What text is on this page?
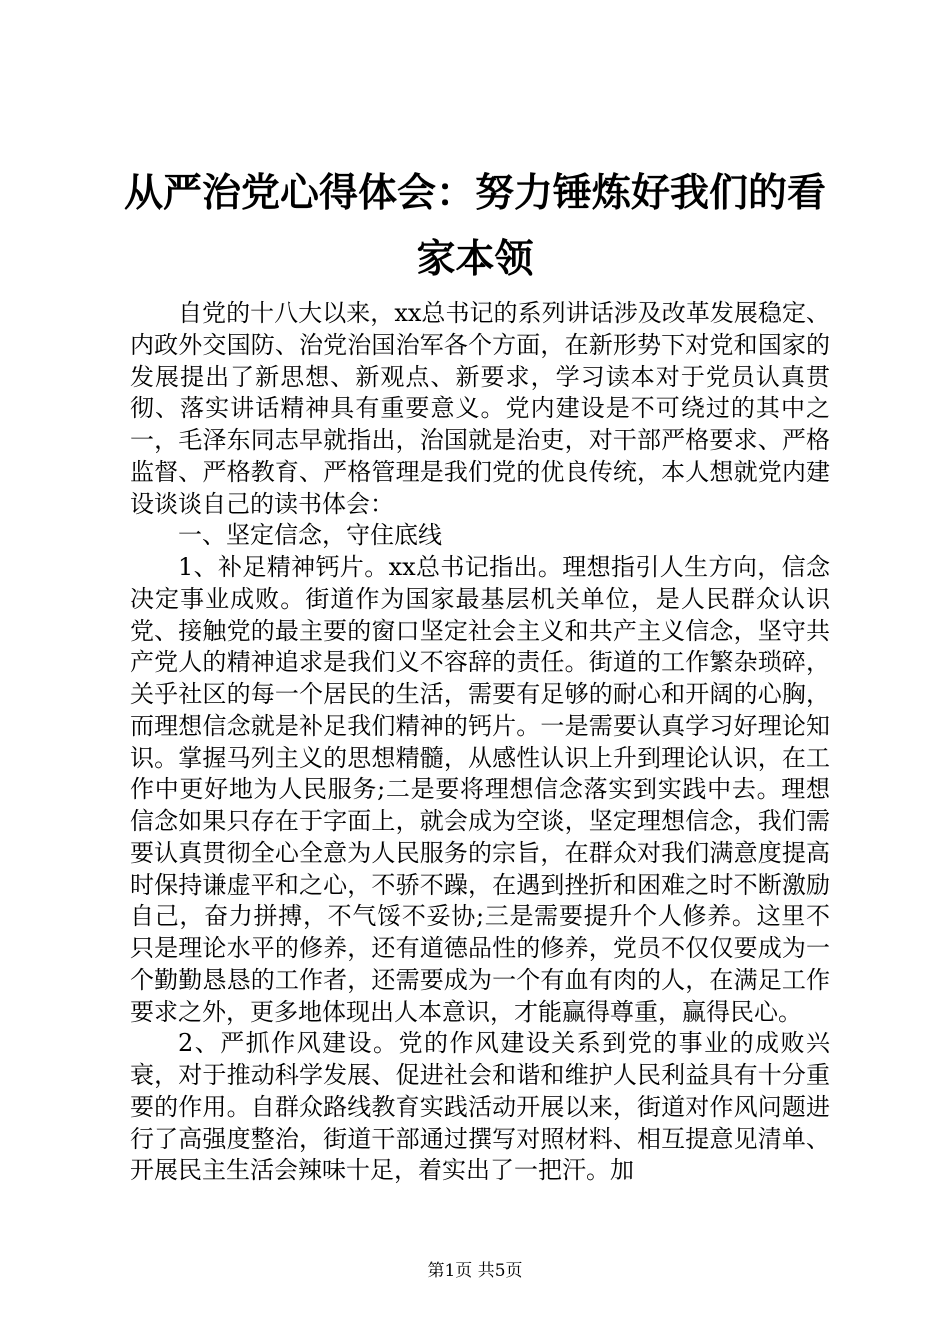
从严治党心得体会：努力锤炼好我们的看家本领

自党的十八大以来，xx总书记的系列讲话涉及改革发展稳定、内政外交国防、治党治国治军各个方面，在新形势下对党和国家的发展提出了新思想、新观点、新要求，学习读本对于党员认真贯彻、落实讲话精神具有重要意义。党内建设是不可绕过的其中之一，毛泽东同志早就指出，治国就是治吏，对干部严格要求、严格监督、严格教育、严格管理是我们党的优良传统，本人想就党内建设谈谈自己的读书体会：

一、坚定信念，守住底线

1、补足精神钙片。xx总书记指出。理想指引人生方向，信念决定事业成败。街道作为国家最基层机关单位，是人民群众认识党、接触党的最主要的窗口坚定社会主义和共产主义信念，坚守共产党人的精神追求是我们义不容辞的责任。街道的工作繁杂琐碎，关乎社区的每一个居民的生活，需要有足够的耐心和开阔的心胸，而理想信念就是补足我们精神的钙片。一是需要认真学习好理论知识。掌握马列主义的思想精髓，从感性认识上升到理论认识，在工作中更好地为人民服务;二是要将理想信念落实到实践中去。理想信念如果只存在于字面上，就会成为空谈，坚定理想信念，我们需要认真贯彻全心全意为人民服务的宗旨，在群众对我们满意度提高时保持谦虚平和之心，不骄不躁，在遇到挫折和困难之时不断激励自己，奋力拼搏，不气馁不妥协;三是需要提升个人修养。这里不只是理论水平的修养，还有道德品性的修养，党员不仅仅要成为一个勤勤恳恳的工作者，还需要成为一个有血有肉的人，在满足工作要求之外，更多地体现出人本意识，才能赢得尊重，赢得民心。

2、严抓作风建设。党的作风建设关系到党的事业的成败兴衰，对于推动科学发展、促进社会和谐和维护人民利益具有十分重要的作用。自群众路线教育实践活动开展以来，街道对作风问题进行了高强度整治，街道干部通过撰写对照材料、相互提意见清单、开展民主生活会辣味十足，着实出了一把汗。加

第1页 共5页
